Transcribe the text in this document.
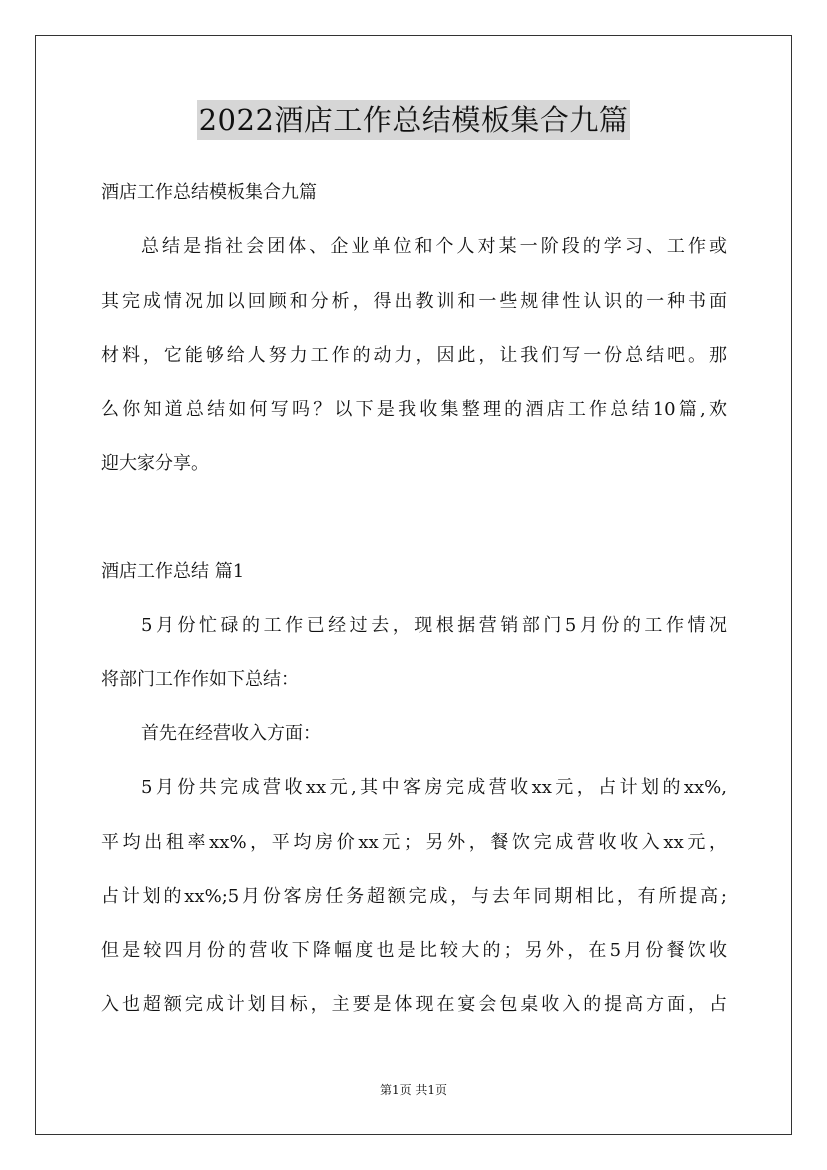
2022酒店工作总结模板集合九篇
酒店工作总结模板集合九篇
总结是指社会团体、企业单位和个人对某一阶段的学习、工作或
其完成情况加以回顾和分析，得出教训和一些规律性认识的一种书面
材料，它能够给人努力工作的动力，因此，让我们写一份总结吧。那
么你知道总结如何写吗？以下是我收集整理的酒店工作总结10篇,欢
迎大家分享。
酒店工作总结 篇1
5月份忙碌的工作已经过去，现根据营销部门5月份的工作情况
将部门工作作如下总结：
首先在经营收入方面：
5月份共完成营收xx元,其中客房完成营收xx元，占计划的xx%,
平均出租率xx%，平均房价xx元；另外，餐饮完成营收收入xx元，
占计划的xx%;5月份客房任务超额完成，与去年同期相比，有所提高;
但是较四月份的营收下降幅度也是比较大的；另外，在5月份餐饮收
入也超额完成计划目标，主要是体现在宴会包桌收入的提高方面，占
第1页 共1页
